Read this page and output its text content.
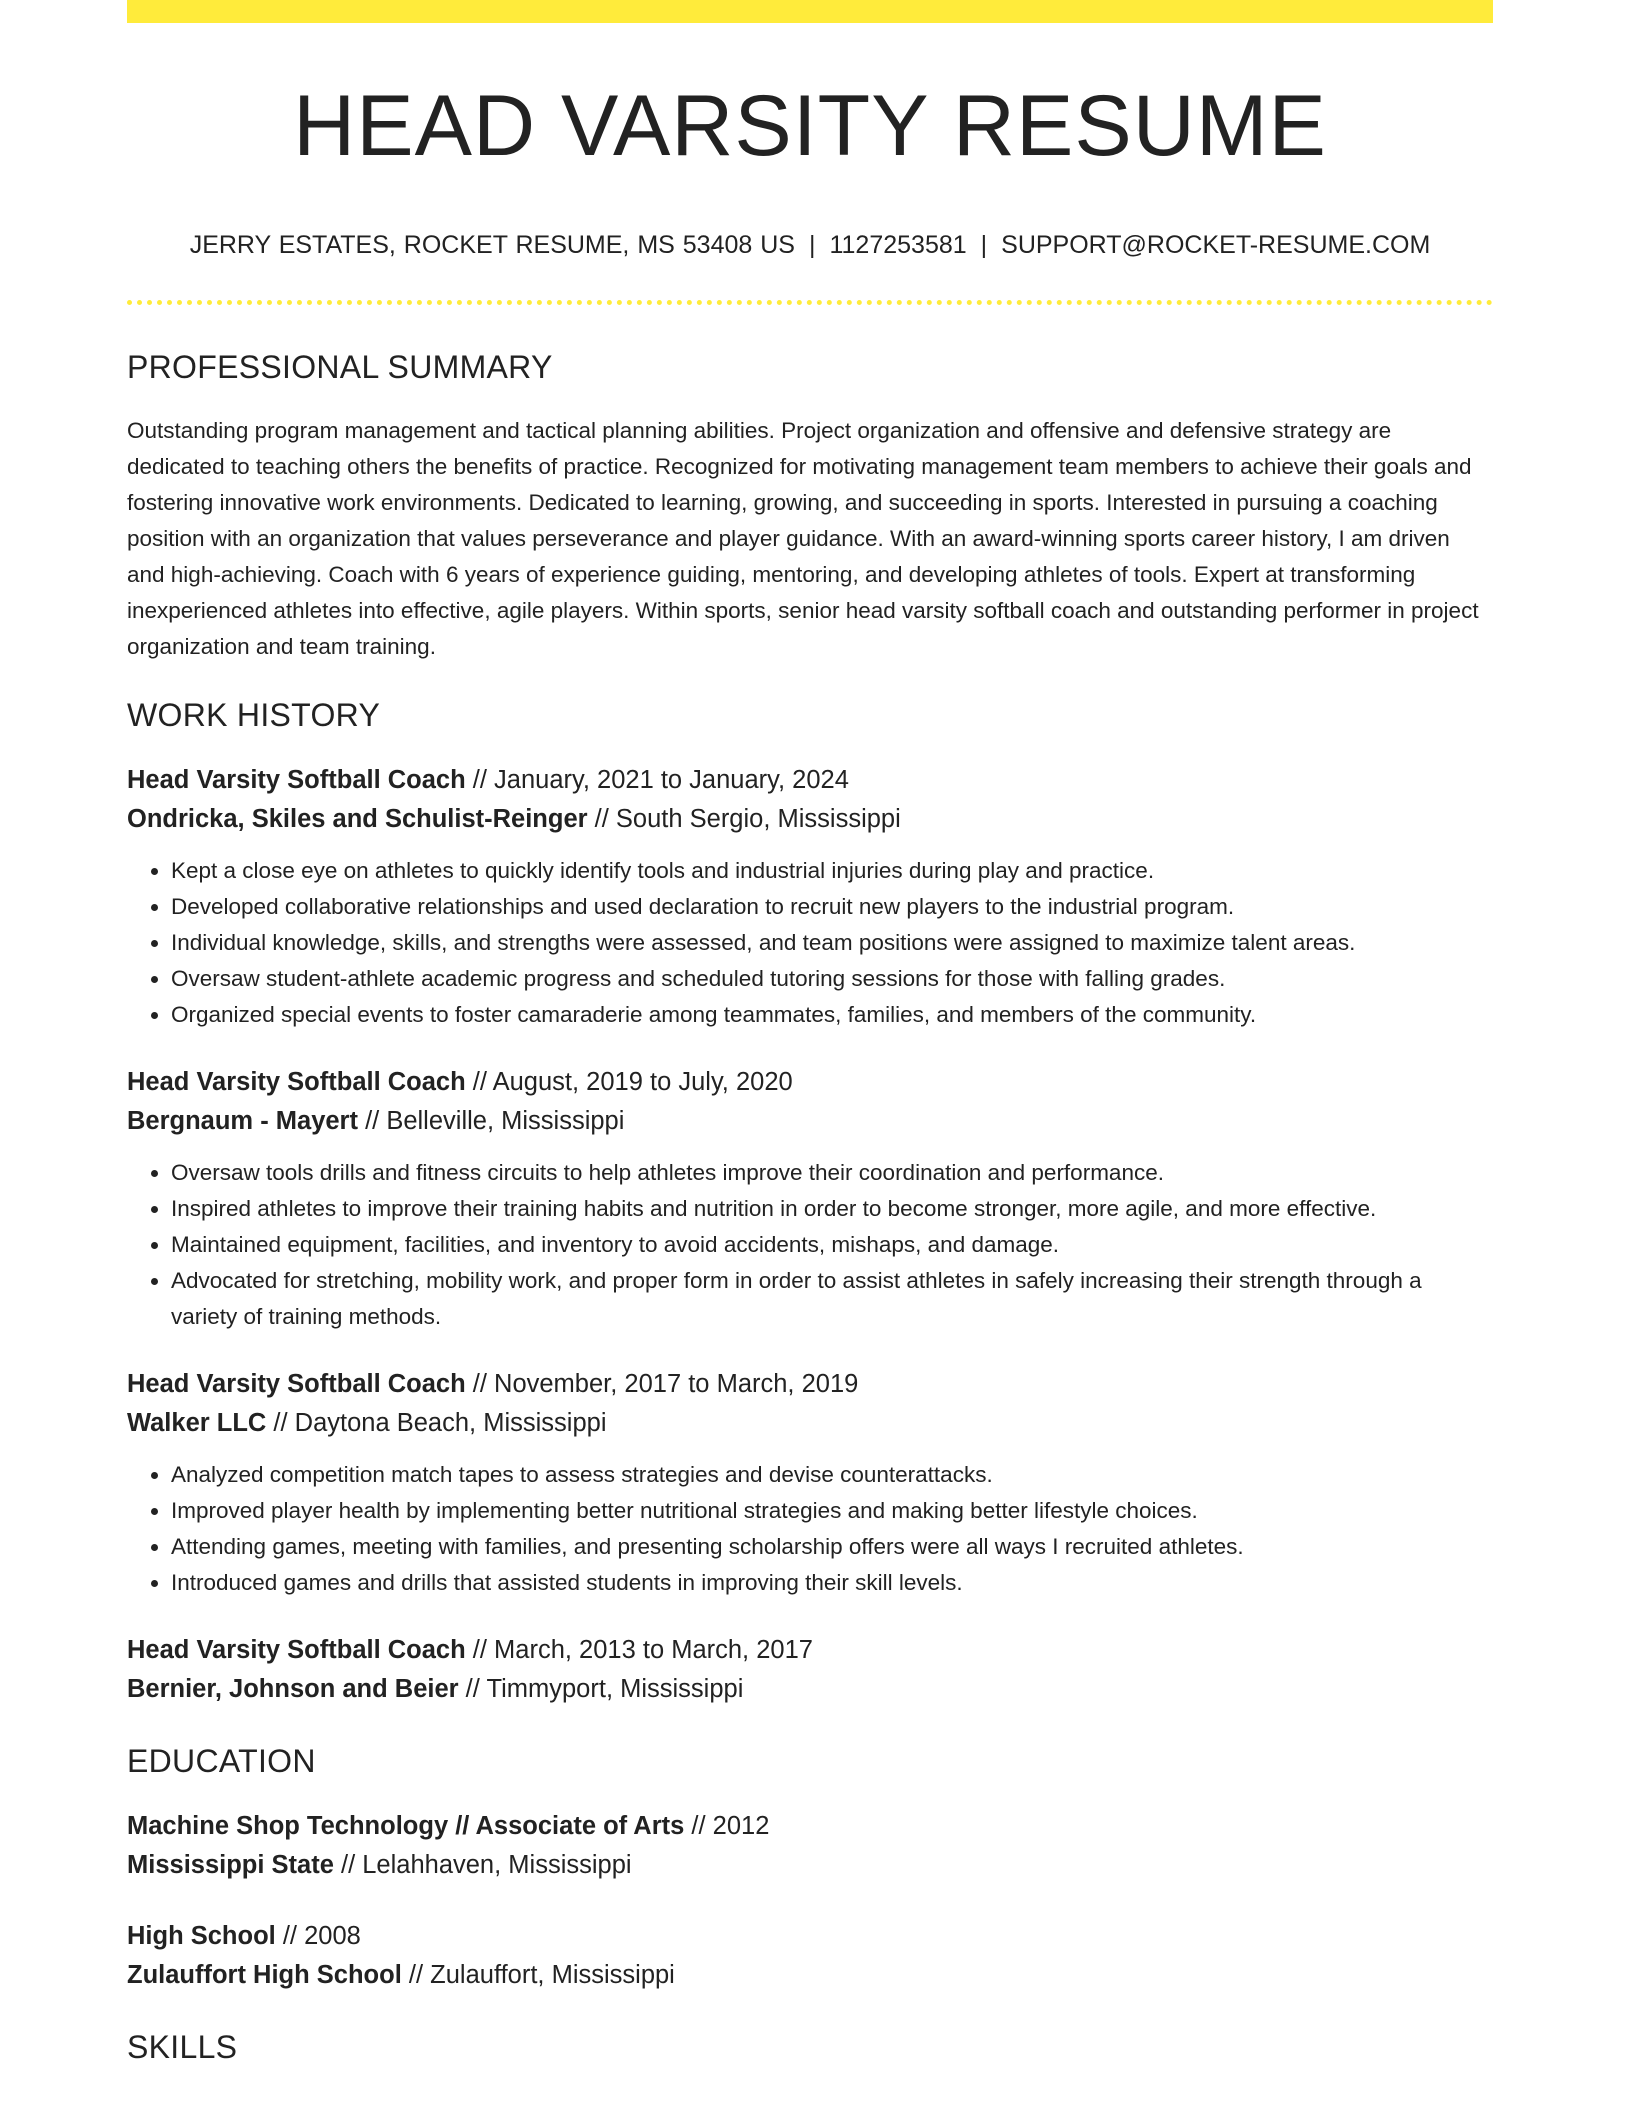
HEAD VARSITY RESUME
JERRY ESTATES, ROCKET RESUME, MS 53408 US | 1127253581 | SUPPORT@ROCKET-RESUME.COM
PROFESSIONAL SUMMARY
Outstanding program management and tactical planning abilities. Project organization and offensive and defensive strategy are dedicated to teaching others the benefits of practice. Recognized for motivating management team members to achieve their goals and fostering innovative work environments. Dedicated to learning, growing, and succeeding in sports. Interested in pursuing a coaching position with an organization that values perseverance and player guidance. With an award-winning sports career history, I am driven and high-achieving. Coach with 6 years of experience guiding, mentoring, and developing athletes of tools. Expert at transforming inexperienced athletes into effective, agile players. Within sports, senior head varsity softball coach and outstanding performer in project organization and team training.
WORK HISTORY
Head Varsity Softball Coach // January, 2021 to January, 2024
Ondricka, Skiles and Schulist-Reinger // South Sergio, Mississippi
• Kept a close eye on athletes to quickly identify tools and industrial injuries during play and practice.
• Developed collaborative relationships and used declaration to recruit new players to the industrial program.
• Individual knowledge, skills, and strengths were assessed, and team positions were assigned to maximize talent areas.
• Oversaw student-athlete academic progress and scheduled tutoring sessions for those with falling grades.
• Organized special events to foster camaraderie among teammates, families, and members of the community.
Head Varsity Softball Coach // August, 2019 to July, 2020
Bergnaum - Mayert // Belleville, Mississippi
• Oversaw tools drills and fitness circuits to help athletes improve their coordination and performance.
• Inspired athletes to improve their training habits and nutrition in order to become stronger, more agile, and more effective.
• Maintained equipment, facilities, and inventory to avoid accidents, mishaps, and damage.
• Advocated for stretching, mobility work, and proper form in order to assist athletes in safely increasing their strength through a variety of training methods.
Head Varsity Softball Coach // November, 2017 to March, 2019
Walker LLC // Daytona Beach, Mississippi
• Analyzed competition match tapes to assess strategies and devise counterattacks.
• Improved player health by implementing better nutritional strategies and making better lifestyle choices.
• Attending games, meeting with families, and presenting scholarship offers were all ways I recruited athletes.
• Introduced games and drills that assisted students in improving their skill levels.
Head Varsity Softball Coach // March, 2013 to March, 2017
Bernier, Johnson and Beier // Timmyport, Mississippi
EDUCATION
Machine Shop Technology // Associate of Arts // 2012
Mississippi State // Lelahhaven, Mississippi
High School // 2008
Zulauffort High School // Zulauffort, Mississippi
SKILLS
